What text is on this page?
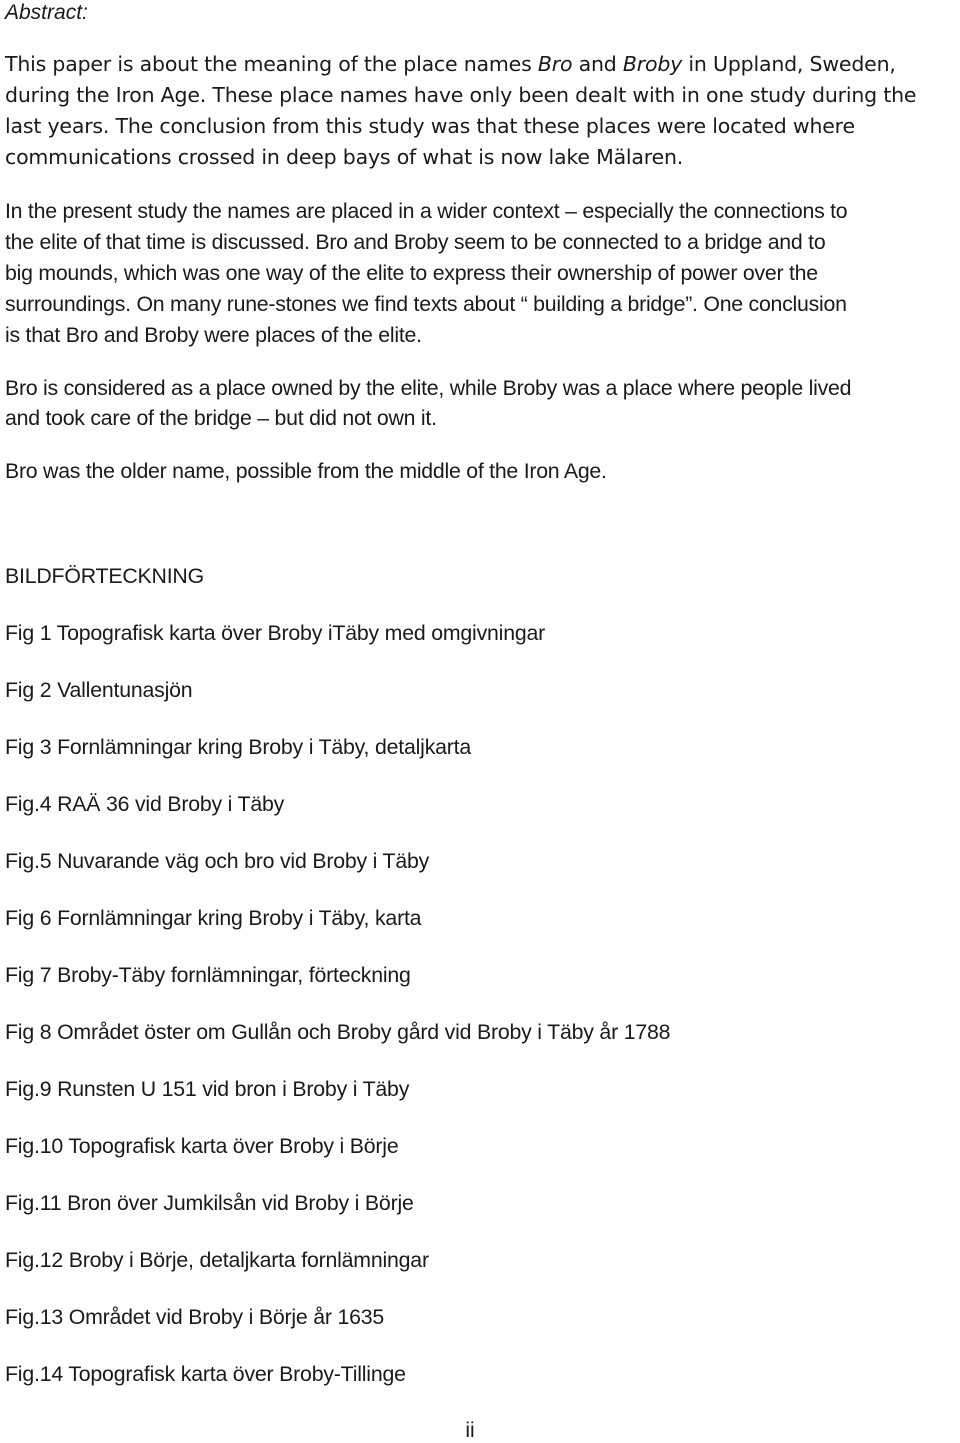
Abstract:
This paper is about the meaning of the place names Bro and Broby in Uppland, Sweden,
during the Iron Age. These place names have only been dealt with in one study during the
last years. The conclusion from this study was that these places were located where
communications crossed in deep bays of what is now lake Mälaren.
In the present study the names are placed in a wider context – especially the connections to
the elite of that time is discussed. Bro and Broby seem to be connected to a bridge and to
big mounds, which was one way of the elite to express their ownership of power over the
surroundings. On many rune-stones we find texts about “ building a bridge”. One conclusion
is that Bro and Broby were places of the elite.
Bro is considered as a place owned by the elite, while Broby was a place where people lived
and took care of the bridge – but did not own it.
Bro was the older name, possible from the middle of the Iron Age.
BILDFÖRTECKNING
Fig 1 Topografisk karta över Broby iTäby med omgivningar
Fig 2 Vallentunasjön
Fig 3 Fornlämningar kring Broby i Täby, detaljkarta
Fig.4 RAÄ 36 vid Broby i Täby
Fig.5 Nuvarande väg och bro vid Broby i Täby
Fig 6 Fornlämningar kring Broby i Täby, karta
Fig 7 Broby-Täby fornlämningar, förteckning
Fig 8 Området öster om Gullån och Broby gård vid Broby i Täby år 1788
Fig.9 Runsten U 151 vid bron i Broby i Täby
Fig.10 Topografisk karta över Broby i Börje
Fig.11 Bron över Jumkilsån vid Broby i Börje
Fig.12 Broby i Börje, detaljkarta fornlämningar
Fig.13 Området vid Broby i Börje år 1635
Fig.14 Topografisk karta över Broby-Tillinge
ii
